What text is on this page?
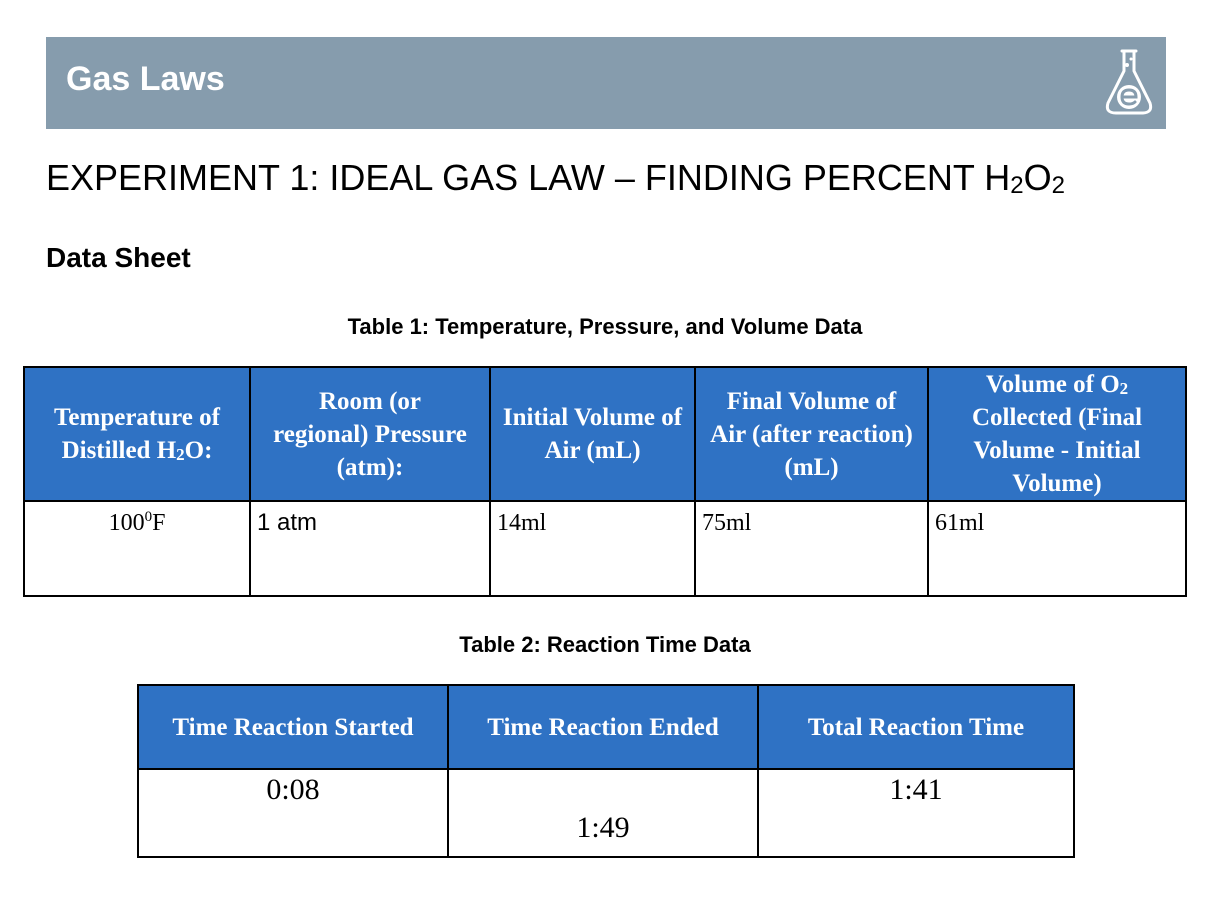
Gas Laws
EXPERIMENT 1: IDEAL GAS LAW – FINDING PERCENT $H_2O_2$
Data Sheet
Table 1: Temperature, Pressure, and Volume Data
Temperature of Distilled $H_2O$:	Room (or regional) Pressure (atm):	Initial Volume of Air (mL)	Final Volume of Air (after reaction) (mL)	Volume of $O_2$ Collected (Final Volume - Initial Volume)

$100^0F$	1 atm	14ml	75ml	61ml
Table 2: Reaction Time Data
Time Reaction Started	Time Reaction Ended	Total Reaction Time

0:08	1:49	1:41
